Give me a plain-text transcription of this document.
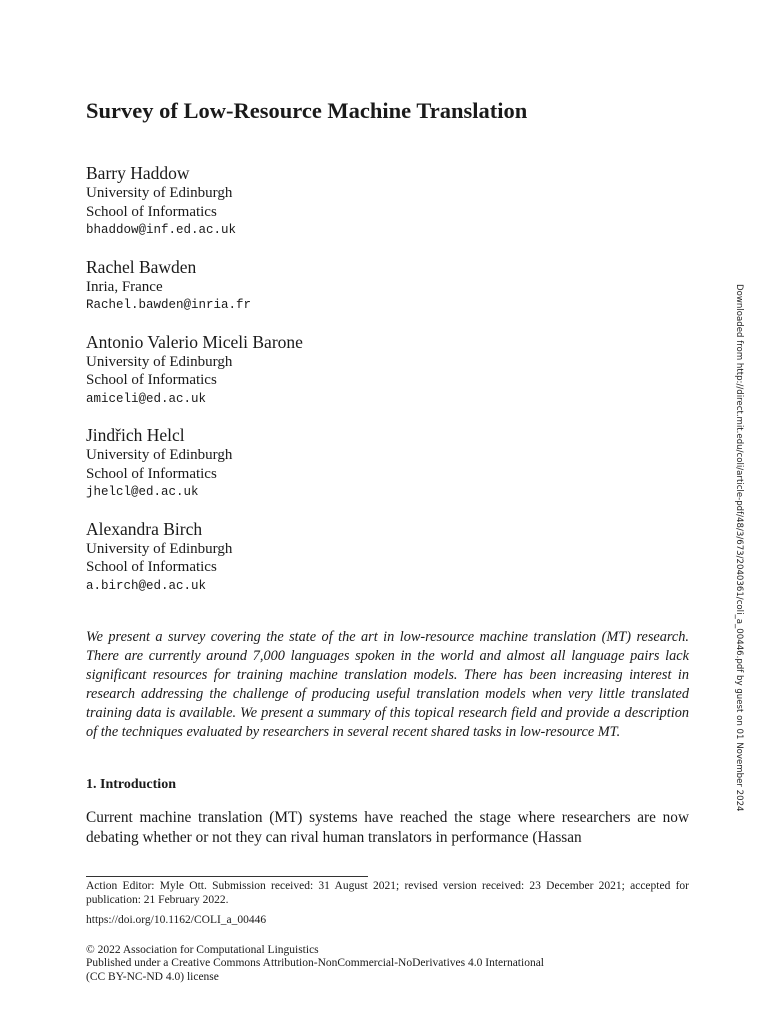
Survey of Low-Resource Machine Translation
Barry Haddow
University of Edinburgh
School of Informatics
bhaddow@inf.ed.ac.uk
Rachel Bawden
Inria, France
Rachel.bawden@inria.fr
Antonio Valerio Miceli Barone
University of Edinburgh
School of Informatics
amiceli@ed.ac.uk
Jindřich Helcl
University of Edinburgh
School of Informatics
jhelcl@ed.ac.uk
Alexandra Birch
University of Edinburgh
School of Informatics
a.birch@ed.ac.uk

We present a survey covering the state of the art in low-resource machine translation (MT) research. There are currently around 7,000 languages spoken in the world and almost all language pairs lack significant resources for training machine translation models. There has been increasing interest in research addressing the challenge of producing useful translation models when very little translated training data is available. We present a summary of this topical research field and provide a description of the techniques evaluated by researchers in several recent shared tasks in low-resource MT.

1. Introduction

Current machine translation (MT) systems have reached the stage where researchers are now debating whether or not they can rival human translators in performance (Hassan

Action Editor: Myle Ott. Submission received: 31 August 2021; revised version received: 23 December 2021; accepted for publication: 21 February 2022.

https://doi.org/10.1162/COLI_a_00446

© 2022 Association for Computational Linguistics

Published under a Creative Commons Attribution-NonCommercial-NoDerivatives 4.0 International

(CC BY-NC-ND 4.0) license

Downloaded from http://direct.mit.edu/coli/article-pdf/48/3/673/2040361/coli_a_00446.pdf by guest on 01 November 2024
